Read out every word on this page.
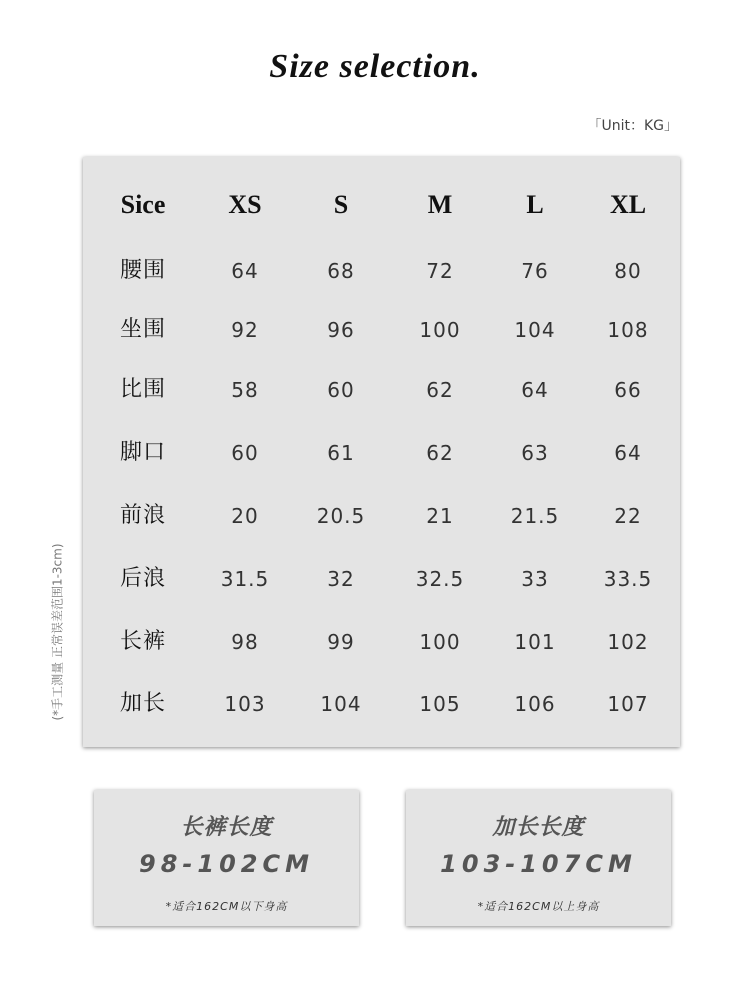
Size selection.
「Unit：KG」
(*手工测量 正常误差范围1-3cm)
Sice	XS	S	M	L	XL
腰围	64	68	72	76	80
坐围	92	96	100	104	108
比围	58	60	62	64	66
脚口	60	61	62	63	64
前浪	20	20.5	21	21.5	22
后浪	31.5	32	32.5	33	33.5
长裤	98	99	100	101	102
加长	103	104	105	106	107
长裤长度
98-102CM
*适合162CM以下身高
加长长度
103-107CM
*适合162CM以上身高
